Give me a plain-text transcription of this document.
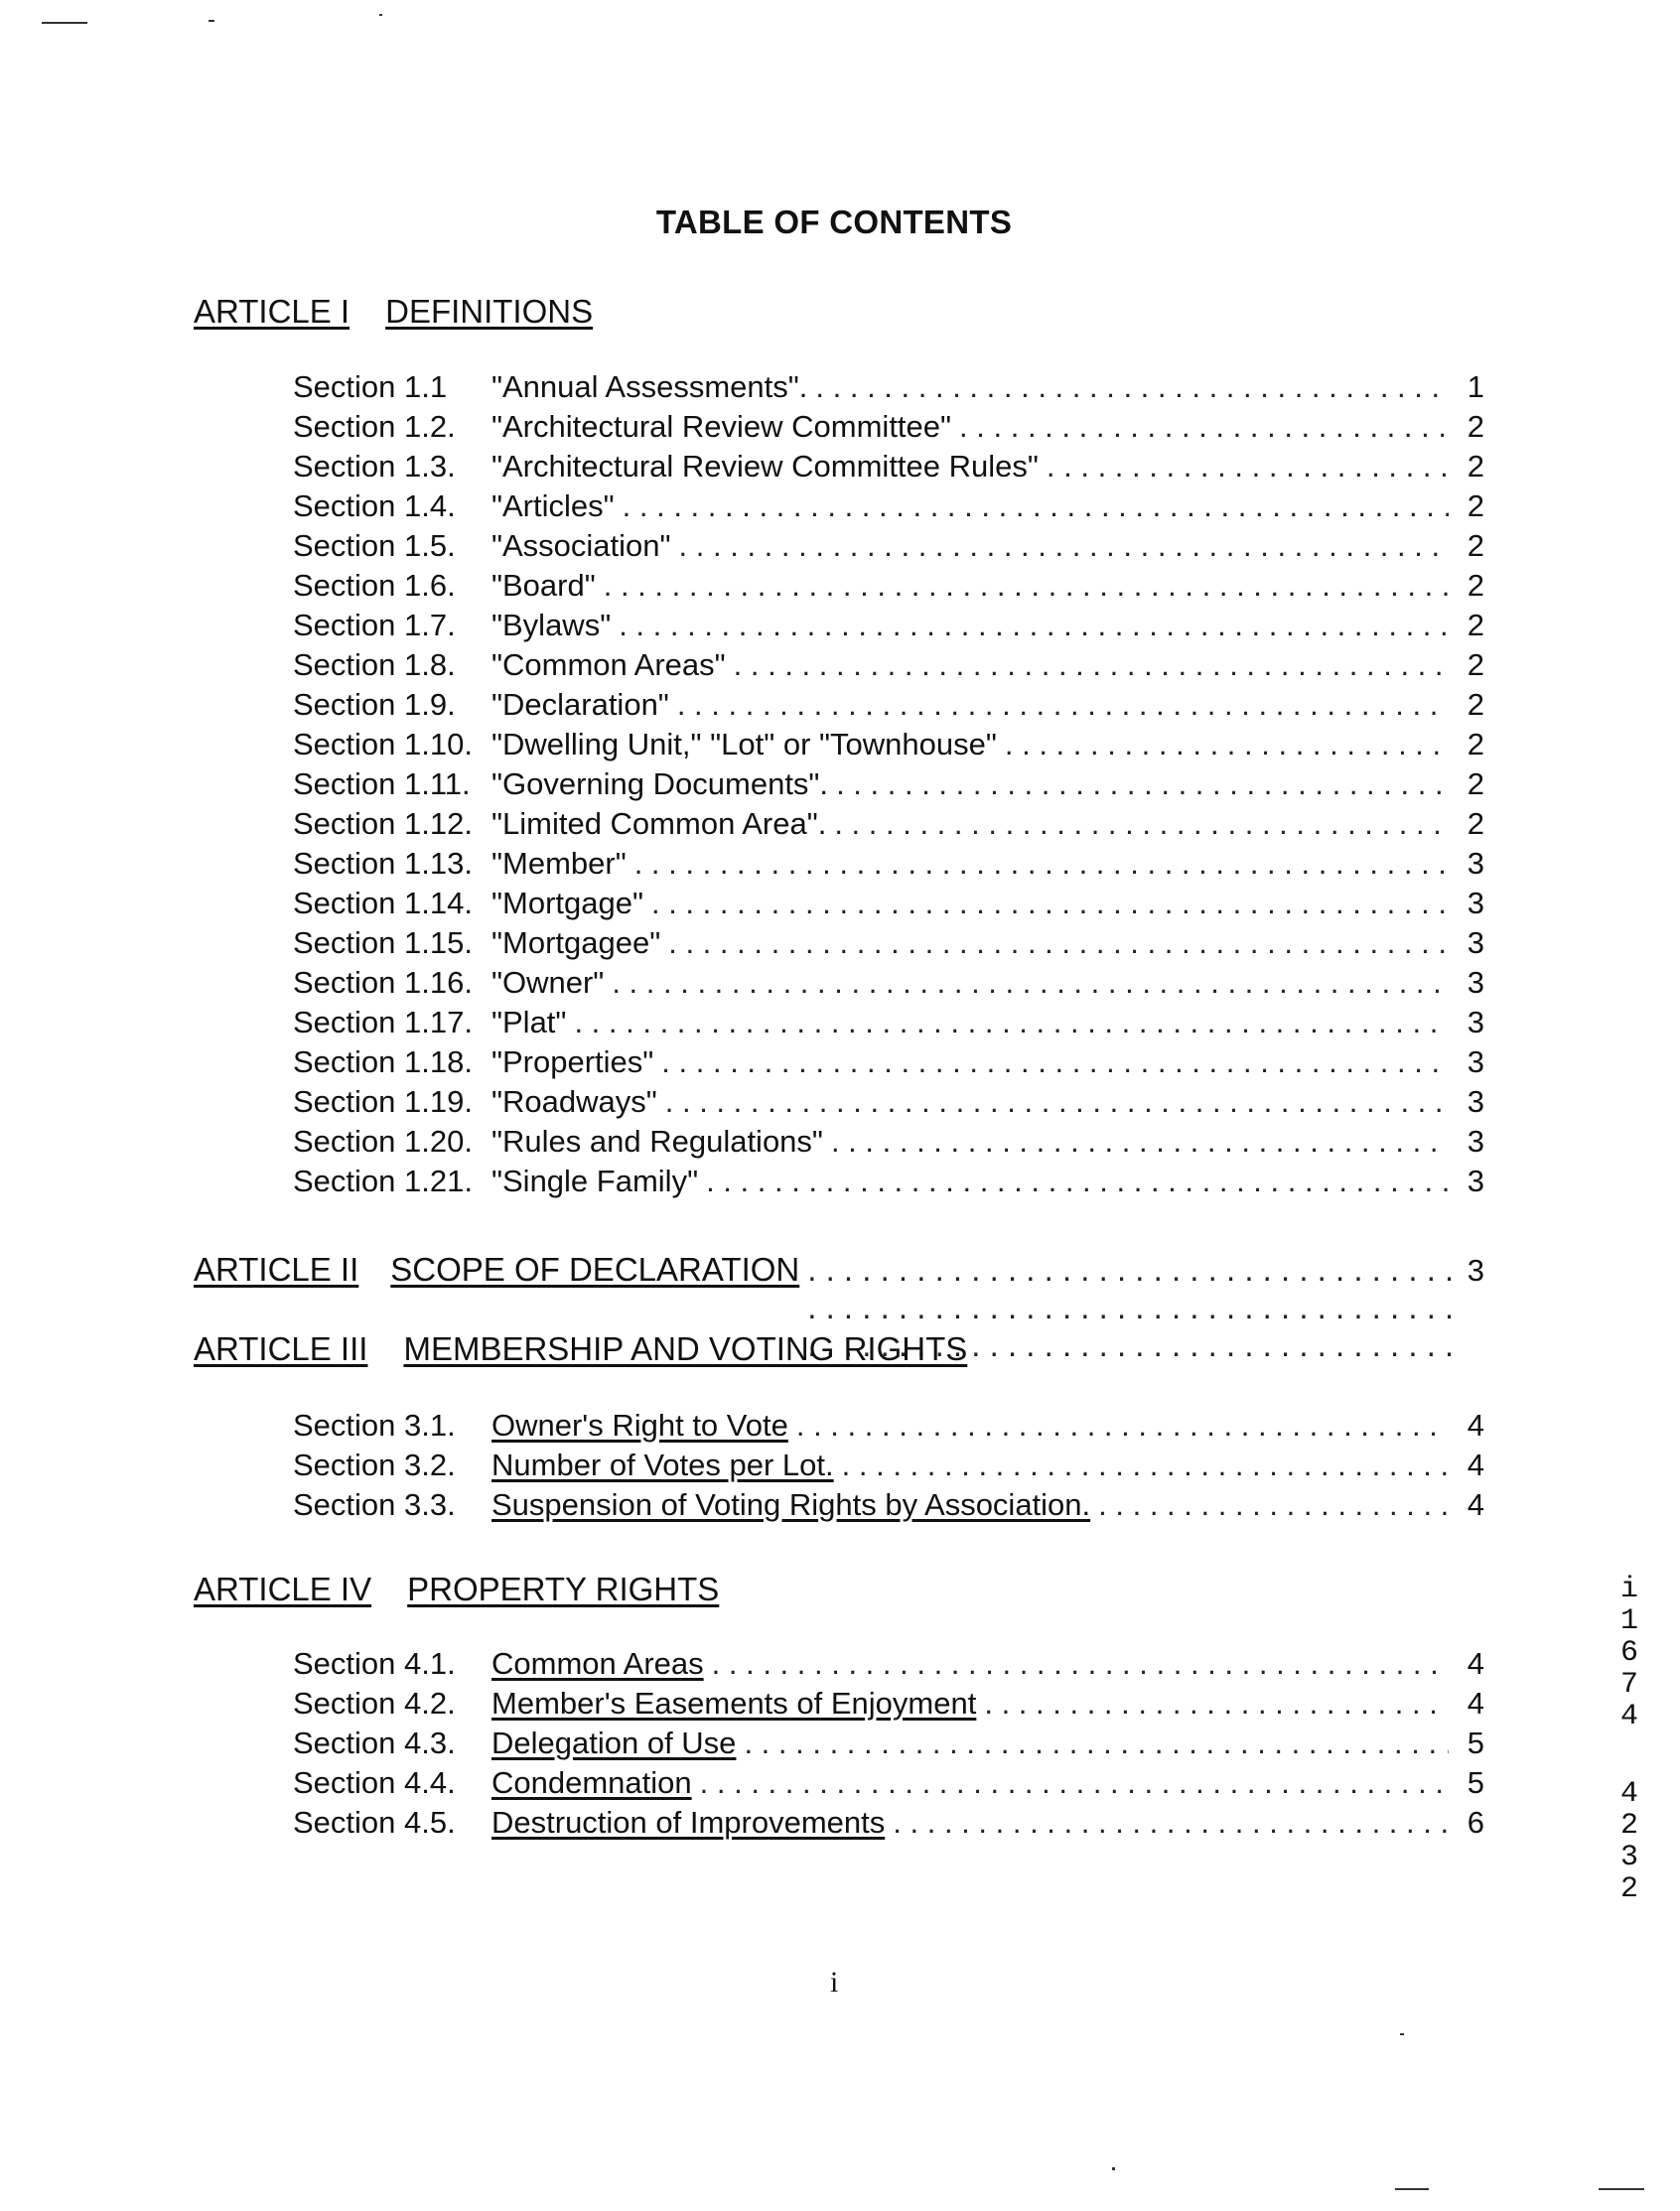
TABLE OF CONTENTS
ARTICLE I DEFINITIONS
Section 1.1	"Annual Assessments". . . .	1
Section 1.2.	"Architectural Review Committee" . . .	2
Section 1.3.	"Architectural Review Committee Rules" . . .	2
Section 1.4.	"Articles" . . .	2
Section 1.5.	"Association" . . .	2
Section 1.6.	"Board" . . .	2
Section 1.7.	"Bylaws" . . .	2
Section 1.8.	"Common Areas" . . .	2
Section 1.9.	"Declaration" . . .	2
Section 1.10. "Dwelling Unit," "Lot" or "Townhouse" . . .	2
Section 1.11. "Governing Documents". . . .	2
Section 1.12. "Limited Common Area". . . .	2
Section 1.13. "Member" . . .	3
Section 1.14. "Mortgage" . . .	3
Section 1.15. "Mortgagee" . . .	3
Section 1.16. "Owner" . . .	3
Section 1.17. "Plat" . . .	3
Section 1.18. "Properties" . . .	3
Section 1.19. "Roadways" . . .	3
Section 1.20. "Rules and Regulations" . . .	3
Section 1.21. "Single Family" . . .	3
ARTICLE II SCOPE OF DECLARATION . . .	3
ARTICLE III MEMBERSHIP AND VOTING RIGHTS
Section 3.1.	Owner's Right to Vote . . .	4
Section 3.2.	Number of Votes per Lot. . . .	4
Section 3.3.	Suspension of Voting Rights by Association. . . .	4
ARTICLE IV PROPERTY RIGHTS
Section 4.1.	Common Areas . . .	4
Section 4.2.	Member's Easements of Enjoyment . . .	4
Section 4.3.	Delegation of Use . . .	5
Section 4.4.	Condemnation . . .	5
Section 4.5.	Destruction of Improvements . . .	6
i
i
1
6
7
4
4
2
3
2
